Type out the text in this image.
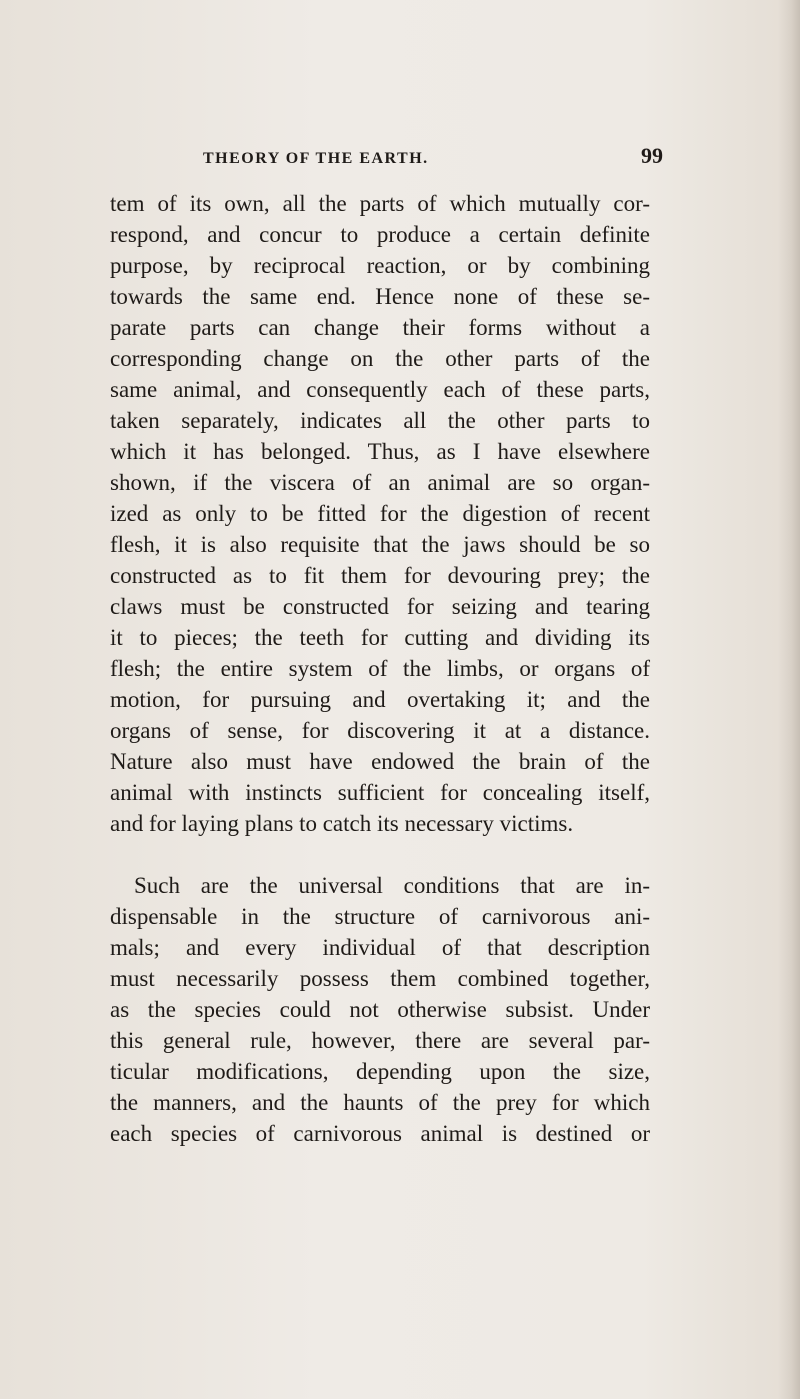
THEORY OF THE EARTH.	99
tem of its own, all the parts of which mutually cor-
respond, and concur to produce a certain definite
purpose, by reciprocal reaction, or by combining
towards the same end. Hence none of these se-
parate parts can change their forms without a
corresponding change on the other parts of the
same animal, and consequently each of these parts,
taken separately, indicates all the other parts to
which it has belonged. Thus, as I have elsewhere
shown, if the viscera of an animal are so organ-
ized as only to be fitted for the digestion of recent
flesh, it is also requisite that the jaws should be so
constructed as to fit them for devouring prey; the
claws must be constructed for seizing and tearing
it to pieces; the teeth for cutting and dividing its
flesh; the entire system of the limbs, or organs of
motion, for pursuing and overtaking it; and the
organs of sense, for discovering it at a distance.
Nature also must have endowed the brain of the
animal with instincts sufficient for concealing itself,
and for laying plans to catch its necessary victims.
Such are the universal conditions that are in-
dispensable in the structure of carnivorous ani-
mals; and every individual of that description
must necessarily possess them combined together,
as the species could not otherwise subsist. Under
this general rule, however, there are several par-
ticular modifications, depending upon the size,
the manners, and the haunts of the prey for which
each species of carnivorous animal is destined or
